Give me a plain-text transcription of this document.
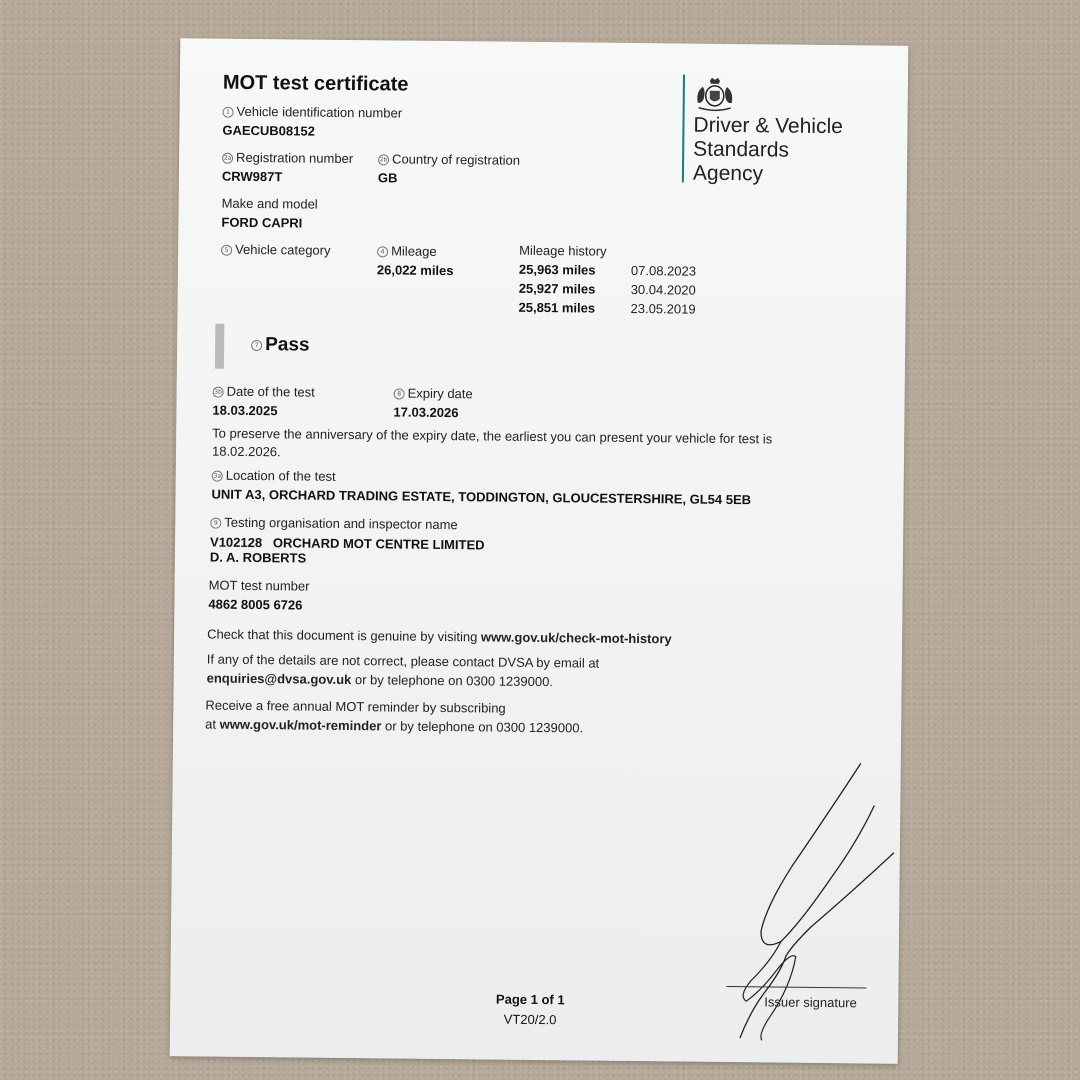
MOT test certificate
Driver & Vehicle
Standards
Agency
1 Vehicle identification number
GAECUB08152
2a Registration number
CRW987T
2b Country of registration
GB
Make and model
FORD CAPRI
5 Vehicle category	4 Mileage
26,022 miles
Mileage history
25,963 miles	07.08.2023
25,927 miles	30.04.2020
25,851 miles	23.05.2019
7 Pass
3b Date of the test
18.03.2025
8 Expiry date
17.03.2026
To preserve the anniversary of the expiry date, the earliest you can present your vehicle for test is
18.02.2026.
3a Location of the test
UNIT A3, ORCHARD TRADING ESTATE, TODDINGTON, GLOUCESTERSHIRE, GL54 5EB
9 Testing organisation and inspector name
V102128   ORCHARD MOT CENTRE LIMITED
D. A. ROBERTS
MOT test number
4862 8005 6726
Check that this document is genuine by visiting www.gov.uk/check-mot-history
If any of the details are not correct, please contact DVSA by email at
enquiries@dvsa.gov.uk or by telephone on 0300 1239000.
Receive a free annual MOT reminder by subscribing
at www.gov.uk/mot-reminder or by telephone on 0300 1239000.
Issuer signature
Page 1 of 1
VT20/2.0
